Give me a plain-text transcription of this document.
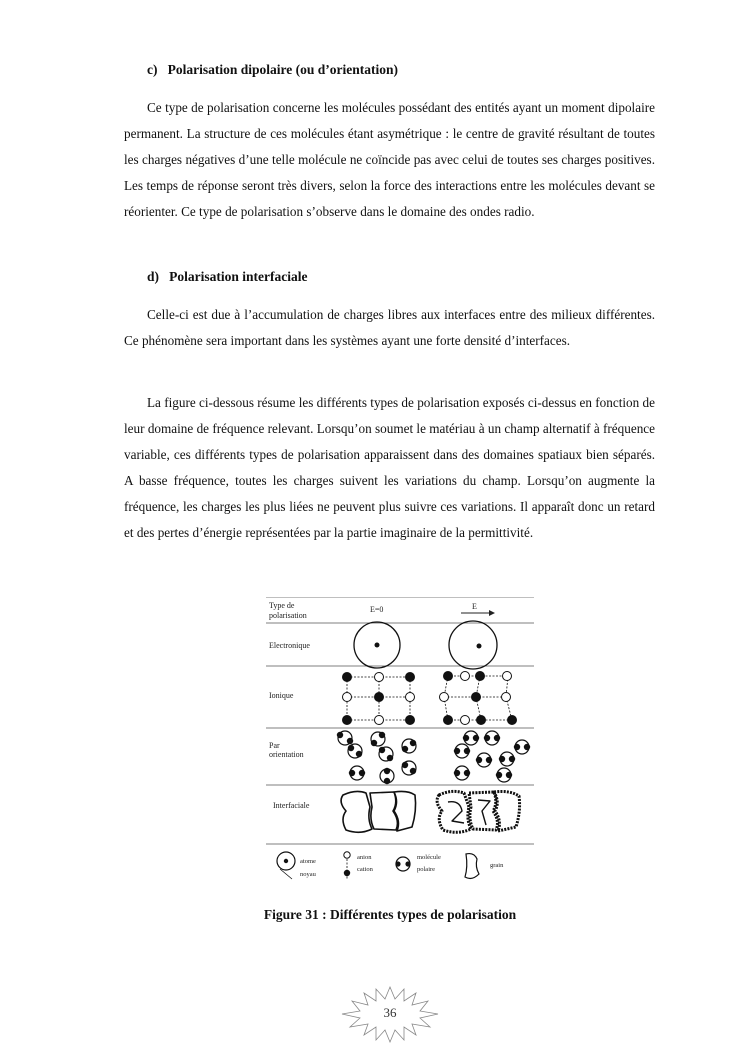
c)   Polarisation dipolaire (ou d’orientation)
Ce type de polarisation concerne les molécules possédant des entités ayant un moment dipolaire permanent. La structure de ces molécules étant asymétrique : le centre de gravité résultant de toutes les charges négatives d’une telle molécule ne coïncide pas avec celui de toutes ses charges positives. Les temps de réponse seront très divers, selon la force des interactions entre les molécules devant se réorienter. Ce type de polarisation s’observe dans le domaine des ondes radio.
d)   Polarisation interfaciale
Celle-ci est due à l’accumulation de charges libres aux interfaces entre des milieux différentes. Ce phénomène sera important dans les systèmes ayant une forte densité d’interfaces.
La figure ci-dessous résume les différents types de polarisation exposés ci-dessus en fonction de leur domaine de fréquence relevant. Lorsqu’on soumet le matériau à un champ alternatif à fréquence variable, ces différents types de polarisation apparaissent dans des domaines spatiaux bien séparés. A basse fréquence, toutes les charges suivent les variations du champ. Lorsqu’on augmente la fréquence, les charges les plus liées ne peuvent plus suivre ces variations. Il apparaît donc un retard et des pertes d’énergie représentées par la partie imaginaire de la permittivité.
Type de
polarisation
E=0	E
Electronique
Ionique
Par
orientation
Interfaciale
atome
noyau
anion
cation
molécule
polaire
grain
Figure 31 : Différentes types de polarisation
36
